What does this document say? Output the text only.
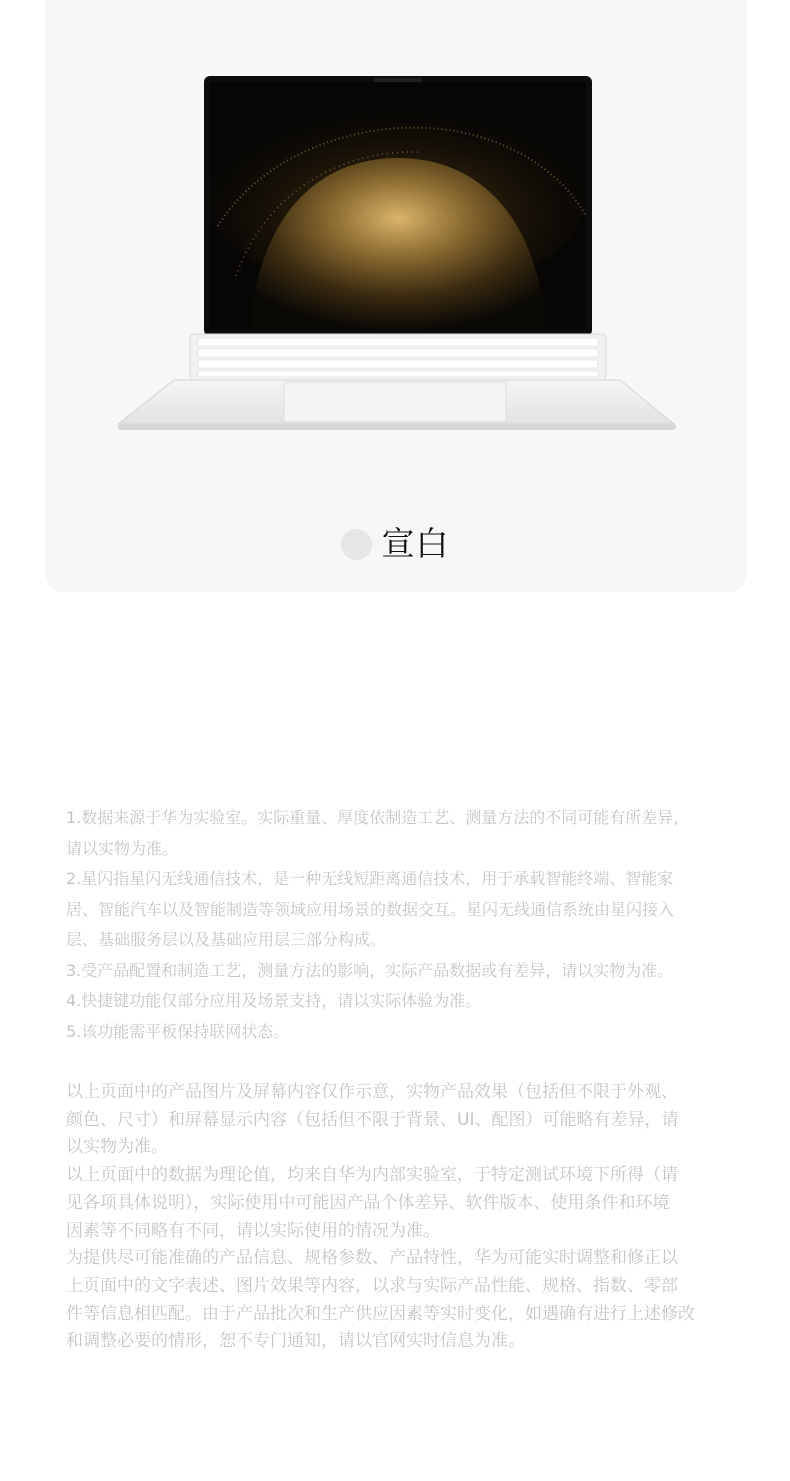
宣白
1.数据来源于华为实验室。实际重量、厚度依制造工艺、测量方法的不同可能有所差异,
请以实物为准。
2.星闪指星闪无线通信技术，是一种无线短距离通信技术，用于承载智能终端、智能家
居、智能汽车以及智能制造等领域应用场景的数据交互。星闪无线通信系统由星闪接入
层、基础服务层以及基础应用层三部分构成。
3.受产品配置和制造工艺，测量方法的影响，实际产品数据或有差异，请以实物为准。
4.快捷键功能仅部分应用及场景支持，请以实际体验为准。
5.该功能需平板保持联网状态。
以上页面中的产品图片及屏幕内容仅作示意，实物产品效果（包括但不限于外观、
颜色、尺寸）和屏幕显示内容（包括但不限于背景、UI、配图）可能略有差异，请
以实物为准。
以上页面中的数据为理论值，均来自华为内部实验室，于特定测试环境下所得（请
见各项具体说明），实际使用中可能因产品个体差异、软件版本、使用条件和环境
因素等不同略有不同，请以实际使用的情况为准。
为提供尽可能准确的产品信息、规格参数、产品特性，华为可能实时调整和修正以
上页面中的文字表述、图片效果等内容，以求与实际产品性能、规格、指数、零部
件等信息相匹配。由于产品批次和生产供应因素等实时变化，如遇确有进行上述修改
和调整必要的情形，恕不专门通知，请以官网实时信息为准。
